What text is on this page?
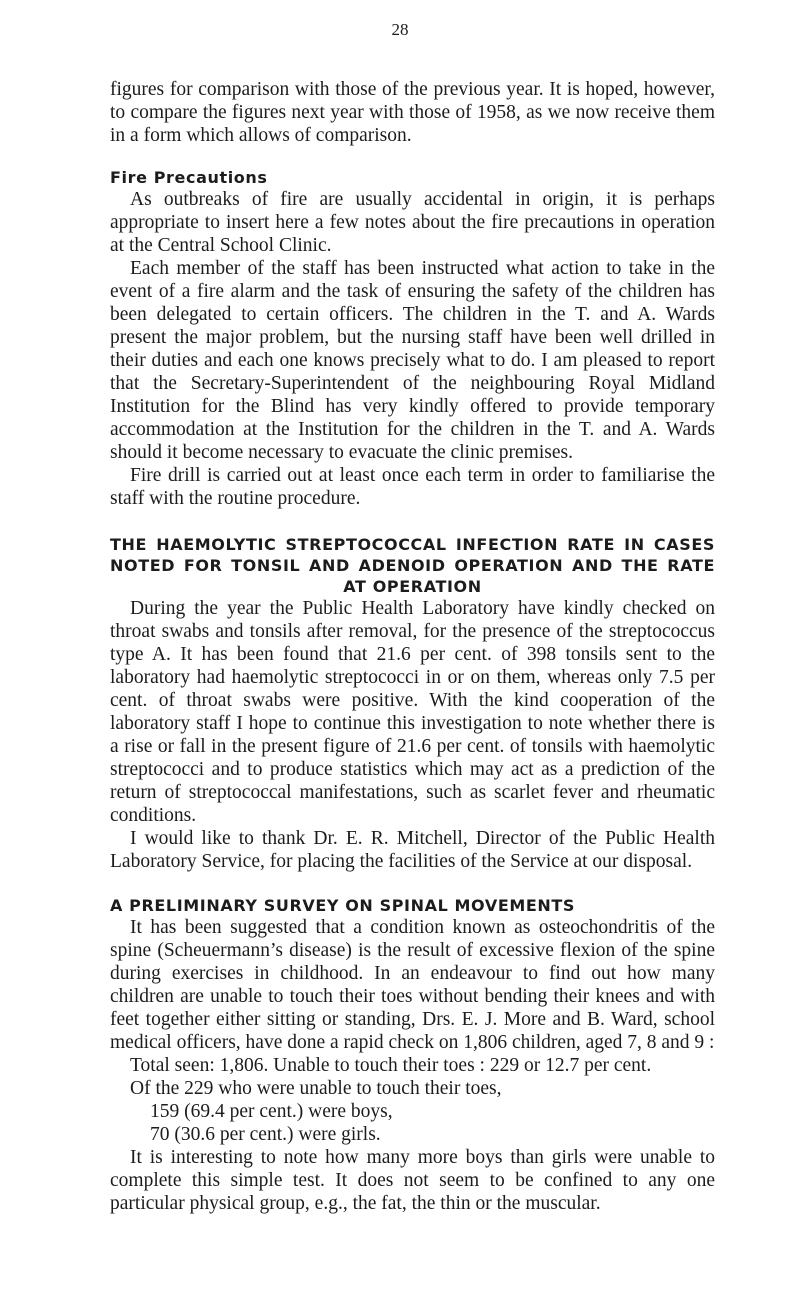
28

figures for comparison with those of the previous year. It is hoped, however, to compare the figures next year with those of 1958, as we now receive them in a form which allows of comparison.

Fire Precautions

As outbreaks of fire are usually accidental in origin, it is perhaps appropriate to insert here a few notes about the fire precautions in operation at the Central School Clinic.

Each member of the staff has been instructed what action to take in the event of a fire alarm and the task of ensuring the safety of the children has been delegated to certain officers. The children in the T. and A. Wards present the major problem, but the nursing staff have been well drilled in their duties and each one knows precisely what to do. I am pleased to report that the Secretary-Superintendent of the neighbouring Royal Midland Institution for the Blind has very kindly offered to provide temporary accommodation at the Institution for the children in the T. and A. Wards should it become necessary to evacuate the clinic premises.

Fire drill is carried out at least once each term in order to familiarise the staff with the routine procedure.

THE HAEMOLYTIC STREPTOCOCCAL INFECTION RATE IN CASES NOTED FOR TONSIL AND ADENOID OPERATION AND THE RATE AT OPERATION

During the year the Public Health Laboratory have kindly checked on throat swabs and tonsils after removal, for the presence of the streptococcus type A. It has been found that 21.6 per cent. of 398 tonsils sent to the laboratory had haemolytic streptococci in or on them, whereas only 7.5 per cent. of throat swabs were positive. With the kind cooperation of the laboratory staff I hope to continue this investigation to note whether there is a rise or fall in the present figure of 21.6 per cent. of tonsils with haemolytic streptococci and to produce statistics which may act as a prediction of the return of streptococcal manifestations, such as scarlet fever and rheumatic conditions.

I would like to thank Dr. E. R. Mitchell, Director of the Public Health Laboratory Service, for placing the facilities of the Service at our disposal.

A PRELIMINARY SURVEY ON SPINAL MOVEMENTS

It has been suggested that a condition known as osteochondritis of the spine (Scheuermann’s disease) is the result of excessive flexion of the spine during exercises in childhood. In an endeavour to find out how many children are unable to touch their toes without bending their knees and with feet together either sitting or standing, Drs. E. J. More and B. Ward, school medical officers, have done a rapid check on 1,806 children, aged 7, 8 and 9 :

Total seen: 1,806. Unable to touch their toes : 229 or 12.7 per cent.
Of the 229 who were unable to touch their toes,
159 (69.4 per cent.) were boys,
70 (30.6 per cent.) were girls.

It is interesting to note how many more boys than girls were unable to complete this simple test. It does not seem to be confined to any one particular physical group, e.g., the fat, the thin or the muscular.
